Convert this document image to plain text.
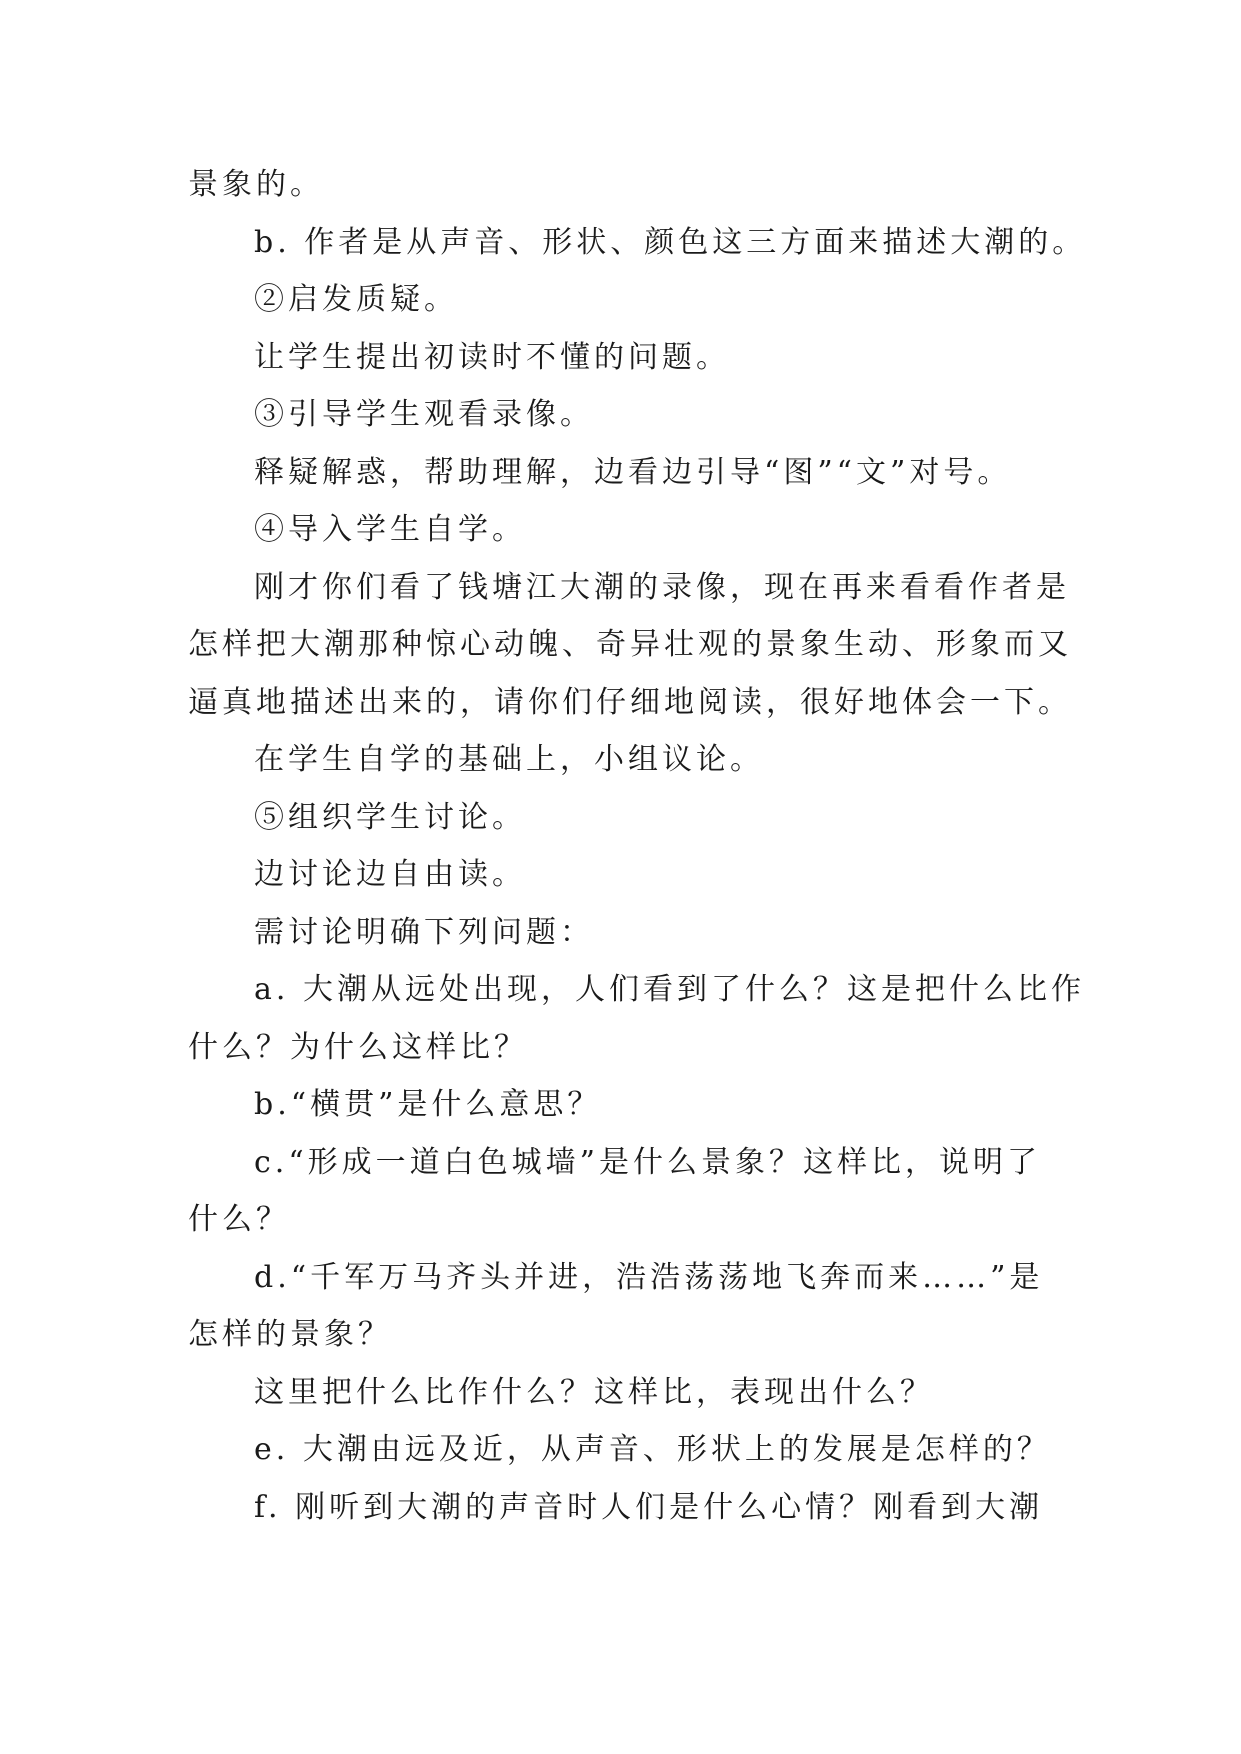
景象的。
b. 作者是从声音、形状、颜色这三方面来描述大潮的。
②启发质疑。
让学生提出初读时不懂的问题。
③引导学生观看录像。
释疑解惑，帮助理解，边看边引导“图”“文”对号。
④导入学生自学。
刚才你们看了钱塘江大潮的录像，现在再来看看作者是
怎样把大潮那种惊心动魄、奇异壮观的景象生动、形象而又
逼真地描述出来的，请你们仔细地阅读，很好地体会一下。
在学生自学的基础上，小组议论。
⑤组织学生讨论。
边讨论边自由读。
需讨论明确下列问题：
a. 大潮从远处出现，人们看到了什么？这是把什么比作
什么？为什么这样比？
b.“横贯”是什么意思？
c.“形成一道白色城墙”是什么景象？这样比，说明了
什么？
d.“千军万马齐头并进，浩浩荡荡地飞奔而来……”是
怎样的景象？
这里把什么比作什么？这样比，表现出什么？
e. 大潮由远及近，从声音、形状上的发展是怎样的？
f. 刚听到大潮的声音时人们是什么心情？刚看到大潮
